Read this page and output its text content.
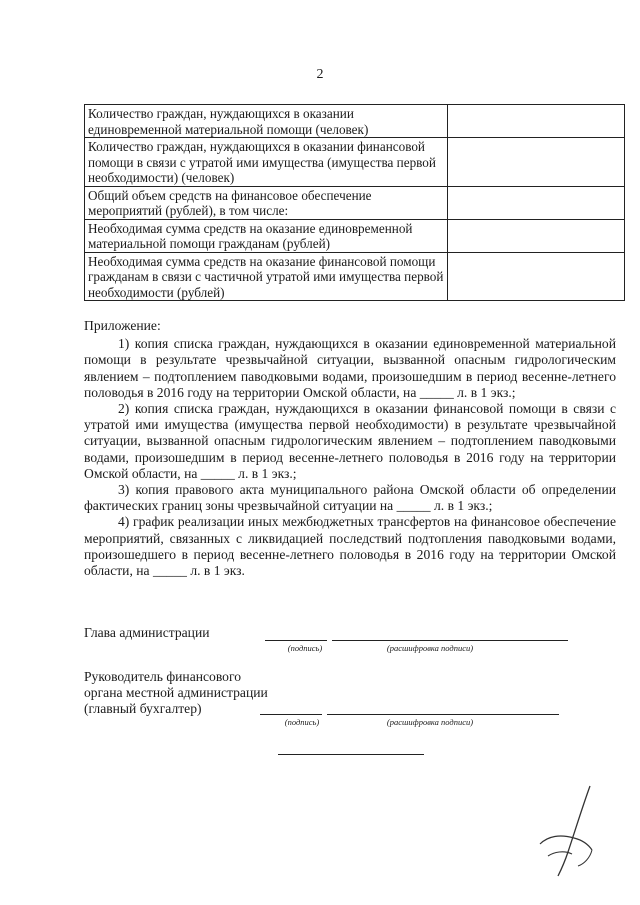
2
Количество граждан, нуждающихся в оказании единовременной материальной помощи (человек)	
Количество граждан, нуждающихся в оказании финансовой помощи в связи с утратой ими имущества (имущества первой необходимости) (человек)	
Общий объем средств на финансовое обеспечение мероприятий (рублей), в том числе:	
Необходимая сумма средств на оказание единовременной материальной помощи гражданам (рублей)	
Необходимая сумма средств на оказание финансовой помощи гражданам в связи с частичной утратой ими имущества первой необходимости (рублей)	
Приложение:

1) копия списка граждан, нуждающихся в оказании единовременной материальной помощи в результате чрезвычайной ситуации, вызванной опасным гидрологическим явлением – подтоплением паводковыми водами, произошедшим в период весенне-летнего половодья в 2016 году на территории Омской области, на _____ л. в 1 экз.;

2) копия списка граждан, нуждающихся в оказании финансовой помощи в связи с утратой ими имущества (имущества первой необходимости) в результате чрезвычайной ситуации, вызванной опасным гидрологическим явлением – подтоплением паводковыми водами, произошедшим в период весенне-летнего половодья в 2016 году на территории Омской области, на _____ л. в 1 экз.;

3) копия правового акта муниципального района Омской области об определении фактических границ зоны чрезвычайной ситуации на _____ л. в 1 экз.;

4) график реализации иных межбюджетных трансфертов на финансовое обеспечение мероприятий, связанных с ликвидацией последствий подтопления паводковыми водами, произошедшего в период весенне-летнего половодья в 2016 году на территории Омской области, на _____ л. в 1 экз.

Глава администрации
(подпись)	(расшифровка подписи)
Руководитель финансового
органа местной администрации
(главный бухгалтер)
(подпись)	(расшифровка подписи)
